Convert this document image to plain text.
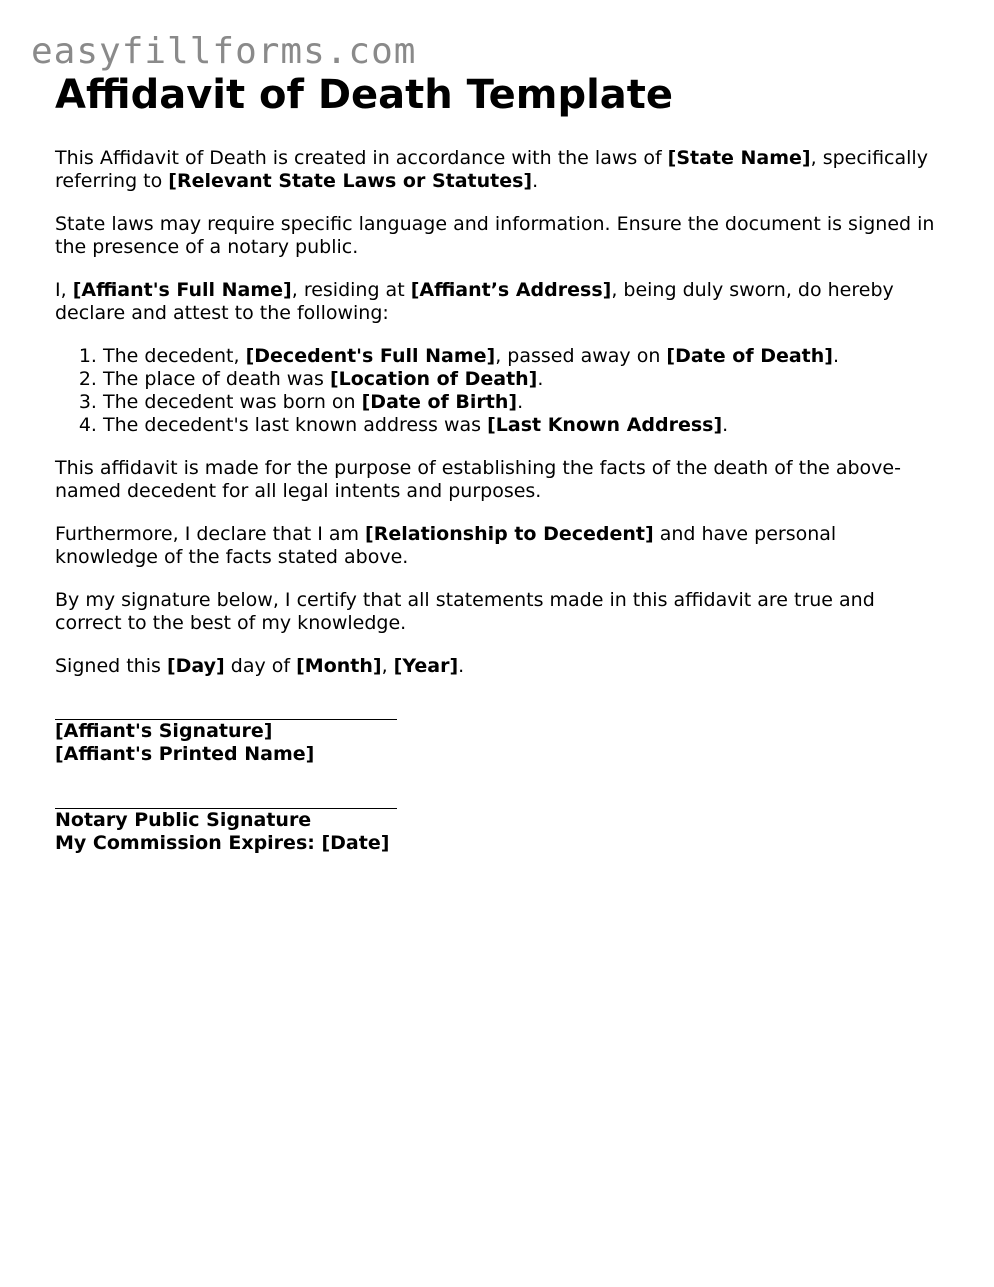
easyfillforms.com
Affidavit of Death Template

This Affidavit of Death is created in accordance with the laws of [State Name], specifically referring to [Relevant State Laws or Statutes].

State laws may require specific language and information. Ensure the document is signed in the presence of a notary public.

I, [Affiant's Full Name], residing at [Affiant’s Address], being duly sworn, do hereby declare and attest to the following:

1. The decedent, [Decedent's Full Name], passed away on [Date of Death].
2. The place of death was [Location of Death].
3. The decedent was born on [Date of Birth].
4. The decedent's last known address was [Last Known Address].

This affidavit is made for the purpose of establishing the facts of the death of the above-named decedent for all legal intents and purposes.

Furthermore, I declare that I am [Relationship to Decedent] and have personal knowledge of the facts stated above.

By my signature below, I certify that all statements made in this affidavit are true and correct to the best of my knowledge.

Signed this [Day] day of [Month], [Year].

[Affiant's Signature]
[Affiant's Printed Name]
Notary Public Signature
My Commission Expires: [Date]
